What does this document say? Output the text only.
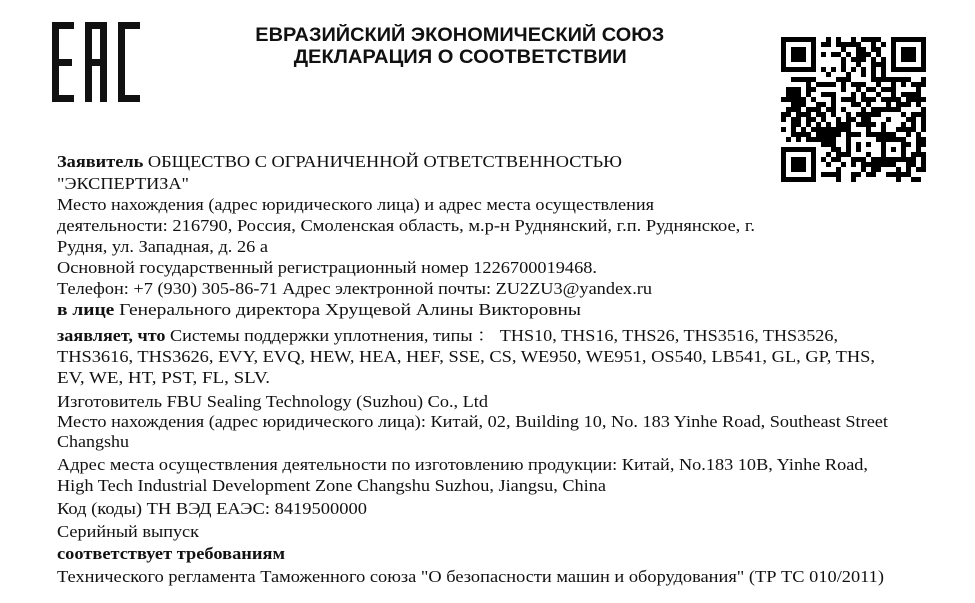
ЕВРАЗИЙСКИЙ ЭКОНОМИЧЕСКИЙ СОЮЗ
ДЕКЛАРАЦИЯ О СООТВЕТСТВИИ
Заявитель ОБЩЕСТВО С ОГРАНИЧЕННОЙ ОТВЕТСТВЕННОСТЬЮ
"ЭКСПЕРТИЗА"
Место нахождения (адрес юридического лица) и адрес места осуществления
деятельности: 216790, Россия, Смоленская область, м.р-н Руднянский, г.п. Руднянское, г.
Рудня, ул. Западная, д. 26 а
Основной государственный регистрационный номер 1226700019468.
Телефон: +7 (930) 305-86-71 Адрес электронной почты: ZU2ZU3@yandex.ru
в лице Генерального директора Хрущевой Алины Викторовны
заявляет, что Системы поддержки уплотнения, типы ： THS10, THS16, THS26, THS3516, THS3526,
THS3616, THS3626, EVY, EVQ, HEW, HEA, HEF, SSE, CS, WE950, WE951, OS540, LB541, GL, GP, THS,
EV, WE, HT, PST, FL, SLV.
Изготовитель FBU Sealing Technology (Suzhou) Co., Ltd
Место нахождения (адрес юридического лица): Китай, 02, Building 10, No. 183 Yinhe Road, Southeast Street
Changshu
Адрес места осуществления деятельности по изготовлению продукции: Китай, No.183 10B, Yinhe Road,
High Tech Industrial Development Zone Changshu Suzhou, Jiangsu, China
Код (коды) ТН ВЭД ЕАЭС: 8419500000
Серийный выпуск
соответствует требованиям
Технического регламента Таможенного союза "О безопасности машин и оборудования" (ТР ТС 010/2011)
